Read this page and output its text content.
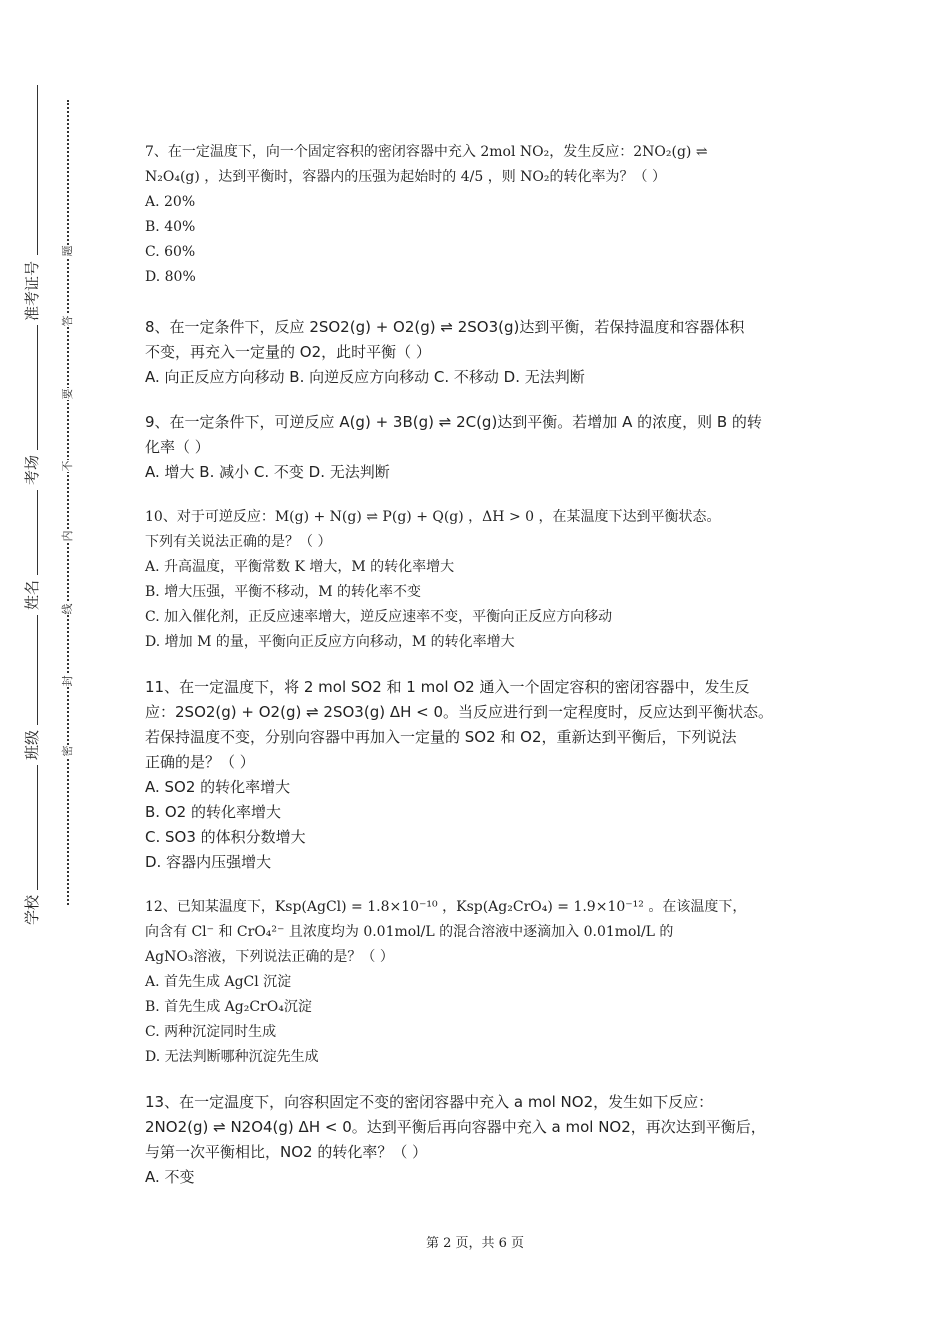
准考证号
考场
姓名
班级
学校
题
答
要
不
内
线
封
密
7、在一定温度下，向一个固定容积的密闭容器中充入 2mol NO₂，发生反应：2NO₂(g) ⇌
N₂O₄(g) ，达到平衡时，容器内的压强为起始时的 4/5 ，则 NO₂的转化率为？（ ）
A. 20%
B. 40%
C. 60%
D. 80%
8、在一定条件下，反应 2SO2(g) + O2(g) ⇌ 2SO3(g)达到平衡，若保持温度和容器体积
不变，再充入一定量的 O2，此时平衡（ ）
A. 向正反应方向移动 B. 向逆反应方向移动 C. 不移动 D. 无法判断
9、在一定条件下，可逆反应 A(g) + 3B(g) ⇌ 2C(g)达到平衡。若增加 A 的浓度，则 B 的转
化率（ ）
A. 增大 B. 减小 C. 不变 D. 无法判断
10、对于可逆反应：M(g) + N(g) ⇌ P(g) + Q(g) ，ΔH > 0 ，在某温度下达到平衡状态。
下列有关说法正确的是？（ ）
A. 升高温度，平衡常数 K 增大，M 的转化率增大
B. 增大压强，平衡不移动，M 的转化率不变
C. 加入催化剂，正反应速率增大，逆反应速率不变，平衡向正反应方向移动
D. 增加 M 的量，平衡向正反应方向移动，M 的转化率增大
11、在一定温度下，将 2 mol SO2 和 1 mol O2 通入一个固定容积的密闭容器中，发生反
应：2SO2(g) + O2(g) ⇌ 2SO3(g) ΔH < 0。当反应进行到一定程度时，反应达到平衡状态。
若保持温度不变，分别向容器中再加入一定量的 SO2 和 O2，重新达到平衡后，下列说法
正确的是？（ ）
A. SO2 的转化率增大
B. O2 的转化率增大
C. SO3 的体积分数增大
D. 容器内压强增大
12、已知某温度下，Ksp(AgCl) = 1.8×10⁻¹⁰ ，Ksp(Ag₂CrO₄) = 1.9×10⁻¹² 。在该温度下，
向含有 Cl⁻ 和 CrO₄²⁻ 且浓度均为 0.01mol/L 的混合溶液中逐滴加入 0.01mol/L 的
AgNO₃溶液，下列说法正确的是？（ ）
A. 首先生成 AgCl 沉淀
B. 首先生成 Ag₂CrO₄沉淀
C. 两种沉淀同时生成
D. 无法判断哪种沉淀先生成
13、在一定温度下，向容积固定不变的密闭容器中充入 a mol NO2，发生如下反应：
2NO2(g) ⇌ N2O4(g) ΔH < 0。达到平衡后再向容器中充入 a mol NO2，再次达到平衡后，
与第一次平衡相比，NO2 的转化率？（ ）
A. 不变
第 2 页，共 6 页
